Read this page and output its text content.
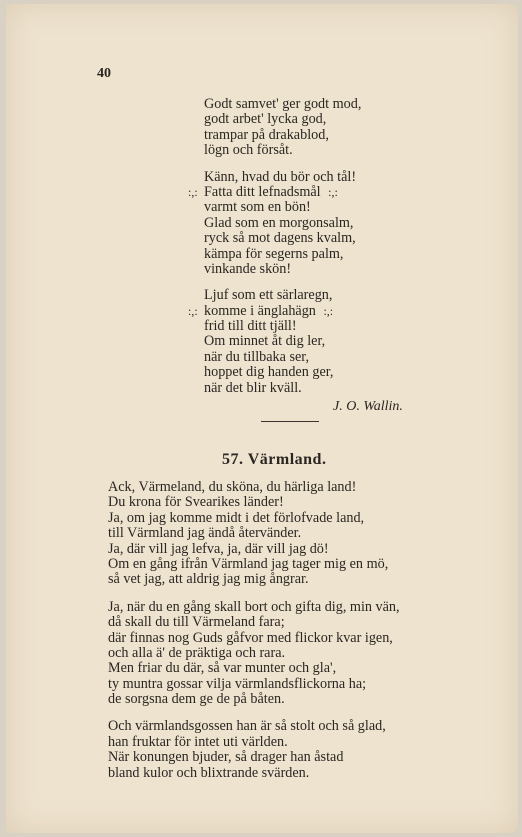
40
Godt samvet' ger godt mod,
godt arbet' lycka god,
trampar på drakablod,
lögn och försåt.
Känn, hvad du bör och tål!
:,: Fatta ditt lefnadsmål :,:
varmt som en bön!
Glad som en morgonsalm,
ryck så mot dagens kvalm,
kämpa för segerns palm,
vinkande skön!
Ljuf som ett särlaregn,
:,: komme i änglahägn :,:
frid till ditt tjäll!
Om minnet åt dig ler,
när du tillbaka ser,
hoppet dig handen ger,
när det blir kväll.
J. O. Wallin.
57. Värmland.
Ack, Värmeland, du sköna, du härliga land!
Du krona för Svearikes länder!
Ja, om jag komme midt i det förlofvade land,
till Värmland jag ändå återvänder.
Ja, där vill jag lefva, ja, där vill jag dö!
Om en gång ifrån Värmland jag tager mig en mö,
så vet jag, att aldrig jag mig ångrar.
Ja, när du en gång skall bort och gifta dig, min vän,
då skall du till Värmeland fara;
där finnas nog Guds gåfvor med flickor kvar igen,
och alla ä' de präktiga och rara.
Men friar du där, så var munter och gla',
ty muntra gossar vilja värmlandsflickorna ha;
de sorgsna dem ge de på båten.
Och värmlandsgossen han är så stolt och så glad,
han fruktar för intet uti världen.
När konungen bjuder, så drager han åstad
bland kulor och blixtrande svärden.
